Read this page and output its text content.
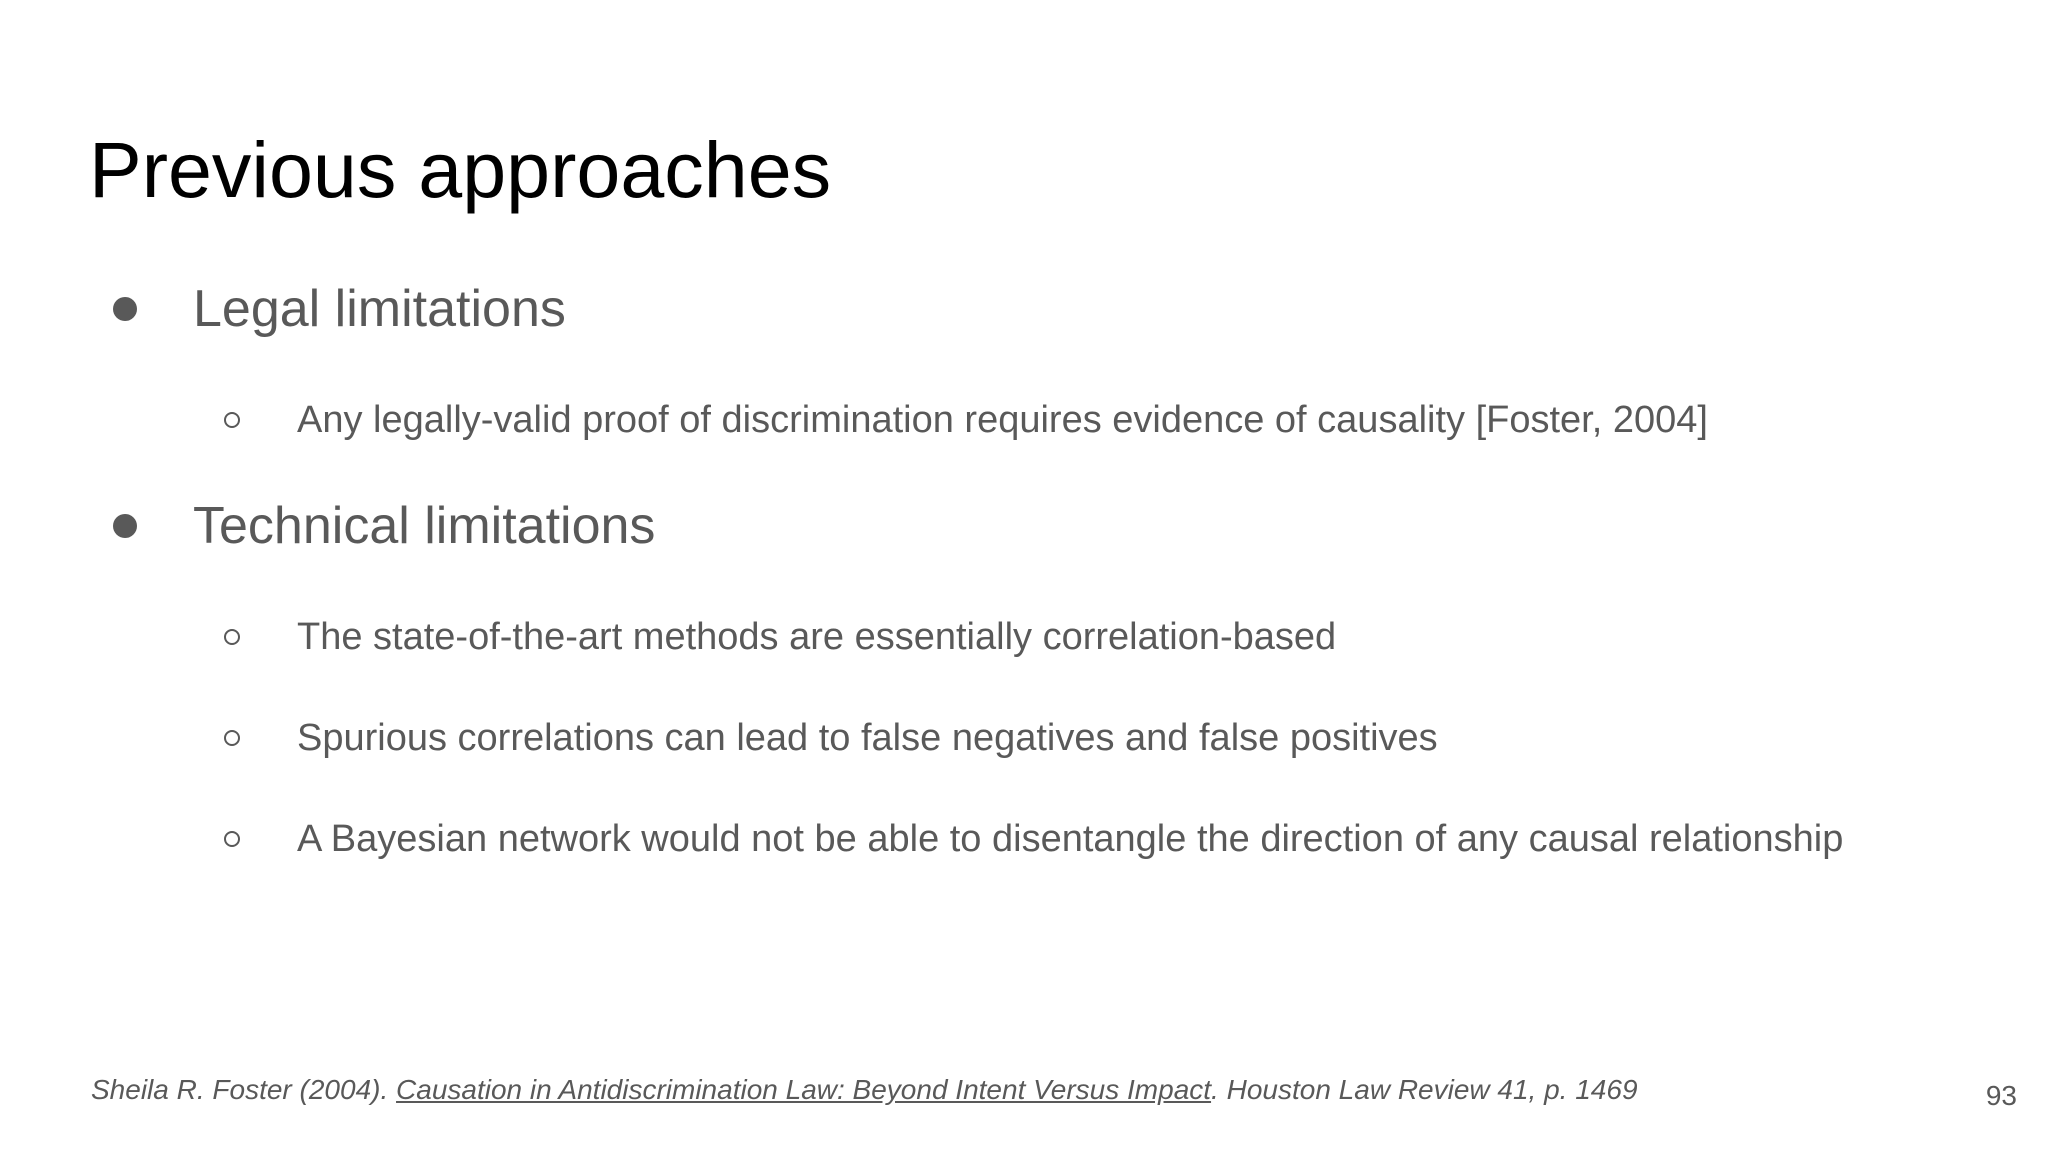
Previous approaches
Legal limitations
Any legally-valid proof of discrimination requires evidence of causality [Foster, 2004]
Technical limitations
The state-of-the-art methods are essentially correlation-based
Spurious correlations can lead to false negatives and false positives
A Bayesian network would not be able to disentangle the direction of any causal relationship
Sheila R. Foster (2004). Causation in Antidiscrimination Law: Beyond Intent Versus Impact. Houston Law Review 41, p. 1469	93
